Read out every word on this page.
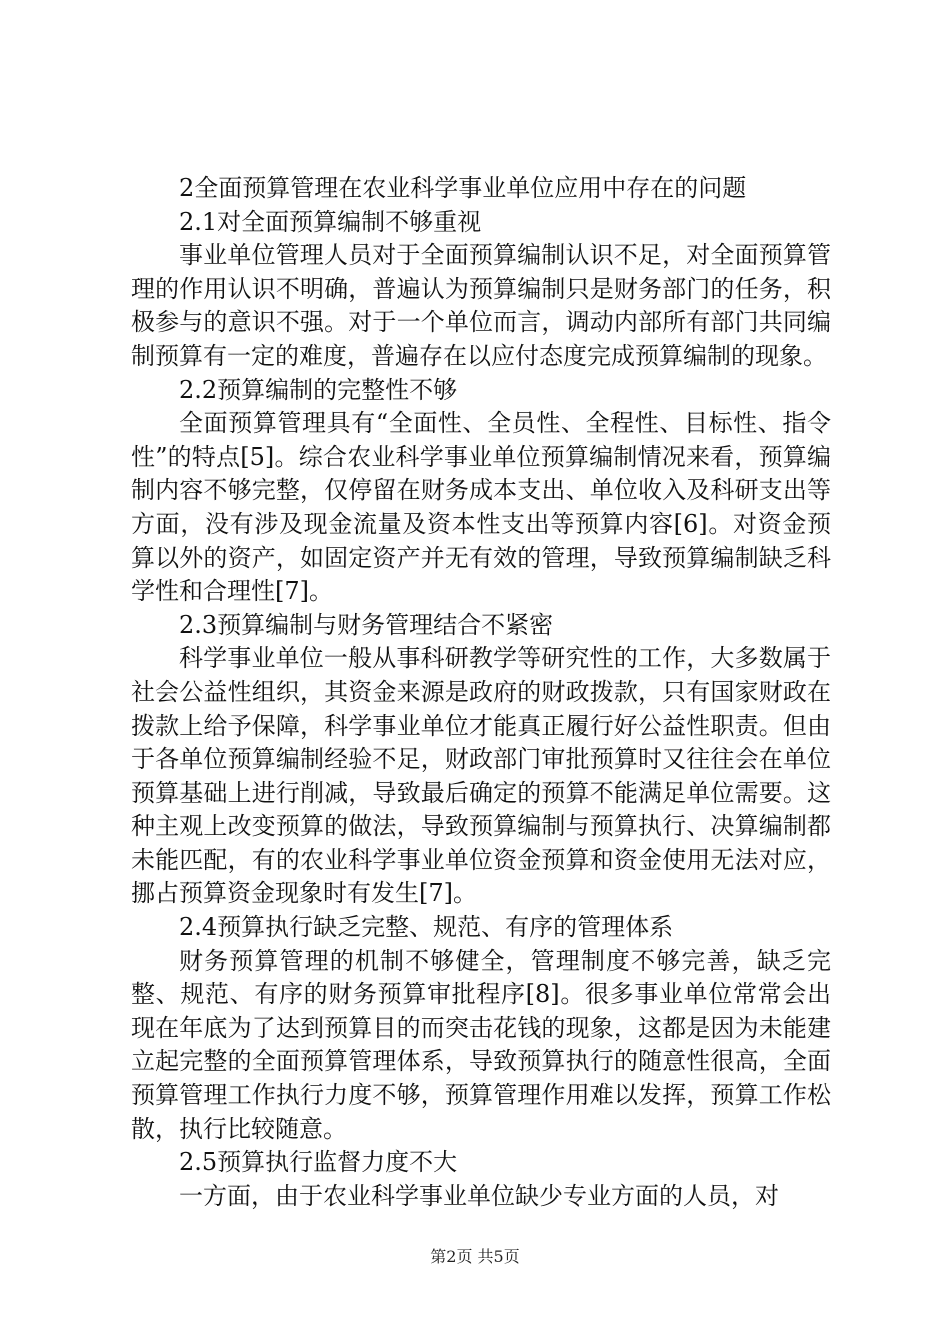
2全面预算管理在农业科学事业单位应用中存在的问题

2.1对全面预算编制不够重视

事业单位管理人员对于全面预算编制认识不足，对全面预算管理的作用认识不明确，普遍认为预算编制只是财务部门的任务，积极参与的意识不强。对于一个单位而言，调动内部所有部门共同编制预算有一定的难度，普遍存在以应付态度完成预算编制的现象。

2.2预算编制的完整性不够

全面预算管理具有“全面性、全员性、全程性、目标性、指令性”的特点[5]。综合农业科学事业单位预算编制情况来看，预算编制内容不够完整，仅停留在财务成本支出、单位收入及科研支出等方面，没有涉及现金流量及资本性支出等预算内容[6]。对资金预算以外的资产，如固定资产并无有效的管理，导致预算编制缺乏科学性和合理性[7]。

2.3预算编制与财务管理结合不紧密

科学事业单位一般从事科研教学等研究性的工作，大多数属于社会公益性组织，其资金来源是政府的财政拨款，只有国家财政在拨款上给予保障，科学事业单位才能真正履行好公益性职责。但由于各单位预算编制经验不足，财政部门审批预算时又往往会在单位预算基础上进行削减，导致最后确定的预算不能满足单位需要。这种主观上改变预算的做法，导致预算编制与预算执行、决算编制都未能匹配，有的农业科学事业单位资金预算和资金使用无法对应，挪占预算资金现象时有发生[7]。

2.4预算执行缺乏完整、规范、有序的管理体系

财务预算管理的机制不够健全，管理制度不够完善，缺乏完整、规范、有序的财务预算审批程序[8]。很多事业单位常常会出现在年底为了达到预算目的而突击花钱的现象，这都是因为未能建立起完整的全面预算管理体系，导致预算执行的随意性很高，全面预算管理工作执行力度不够，预算管理作用难以发挥，预算工作松散，执行比较随意。

2.5预算执行监督力度不大

一方面，由于农业科学事业单位缺少专业方面的人员，对

第2页 共5页
